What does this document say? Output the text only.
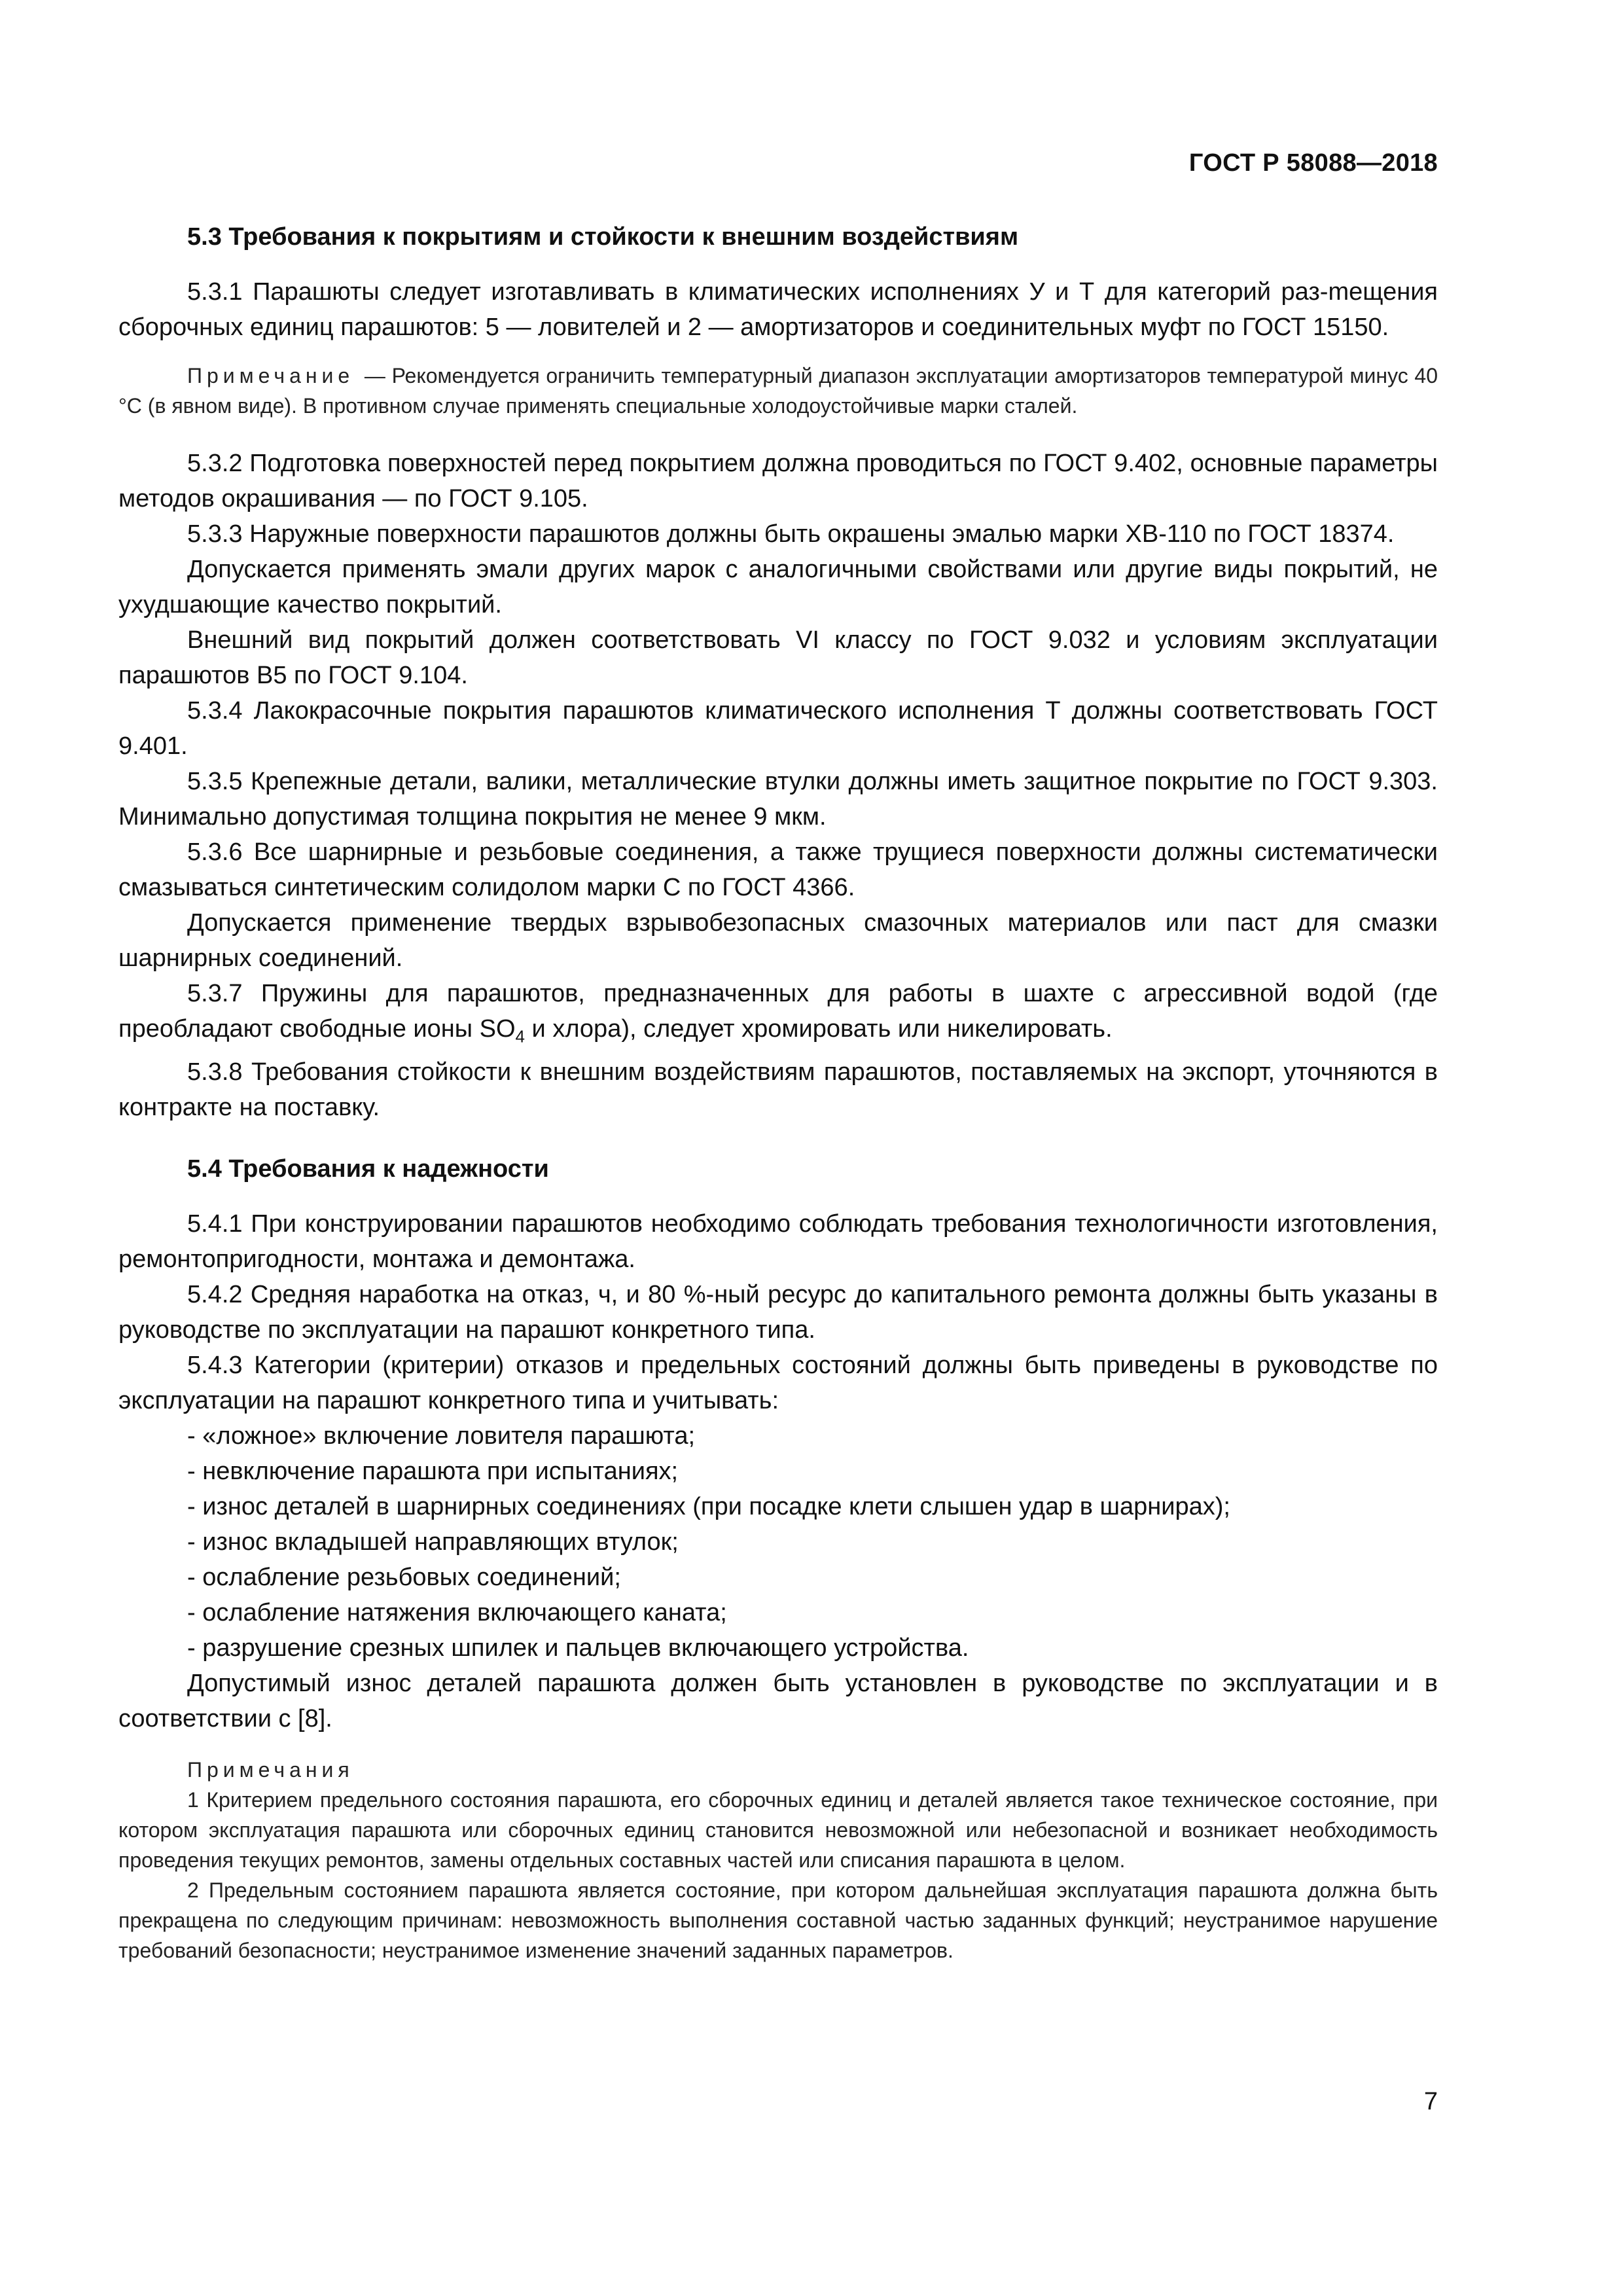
ГОСТ Р 58088—2018
5.3 Требования к покрытиям и стойкости к внешним воздействиям

5.3.1 Парашюты следует изготавливать в климатических исполнениях У и Т для категорий раз-mещения сборочных единиц парашютов: 5 — ловителей и 2 — амортизаторов и соединительных муфт по ГОСТ 15150.

Примечание — Рекомендуется ограничить температурный диапазон эксплуатации амортизаторов температурой минус 40 °С (в явном виде). В противном случае применять специальные холодоустойчивые марки сталей.

5.3.2 Подготовка поверхностей перед покрытием должна проводиться по ГОСТ 9.402, основные параметры методов окрашивания — по ГОСТ 9.105.

5.3.3 Наружные поверхности парашютов должны быть окрашены эмалью марки ХВ-110 по ГОСТ 18374.

Допускается применять эмали других марок с аналогичными свойствами или другие виды покрытий, не ухудшающие качество покрытий.

Внешний вид покрытий должен соответствовать VI классу по ГОСТ 9.032 и условиям эксплуатации парашютов В5 по ГОСТ 9.104.

5.3.4 Лакокрасочные покрытия парашютов климатического исполнения Т должны соответствовать ГОСТ 9.401.

5.3.5 Крепежные детали, валики, металлические втулки должны иметь защитное покрытие по ГОСТ 9.303. Минимально допустимая толщина покрытия не менее 9 мкм.

5.3.6 Все шарнирные и резьбовые соединения, а также трущиеся поверхности должны систематически смазываться синтетическим солидолом марки С по ГОСТ 4366.

Допускается применение твердых взрывобезопасных смазочных материалов или паст для смазки шарнирных соединений.

5.3.7 Пружины для парашютов, предназначенных для работы в шахте с агрессивной водой (где преобладают свободные ионы $SO_4$ и хлора), следует хромировать или никелировать.

5.3.8 Требования стойкости к внешним воздействиям парашютов, поставляемых на экспорт, уточняются в контракте на поставку.

5.4 Требования к надежности

5.4.1 При конструировании парашютов необходимо соблюдать требования технологичности изготовления, ремонтопригодности, монтажа и демонтажа.

5.4.2 Средняя наработка на отказ, ч, и 80 %-ный ресурс до капитального ремонта должны быть указаны в руководстве по эксплуатации на парашют конкретного типа.

5.4.3 Категории (критерии) отказов и предельных состояний должны быть приведены в руководстве по эксплуатации на парашют конкретного типа и учитывать:

- «ложное» включение ловителя парашюта;
- невключение парашюта при испытаниях;
- износ деталей в шарнирных соединениях (при посадке клети слышен удар в шарнирах);
- износ вкладышей направляющих втулок;
- ослабление резьбовых соединений;
- ослабление натяжения включающего каната;
- разрушение срезных шпилек и пальцев включающего устройства.

Допустимый износ деталей парашюта должен быть установлен в руководстве по эксплуатации и в соответствии с [8].

Примечания

1 Критерием предельного состояния парашюта, его сборочных единиц и деталей является такое техническое состояние, при котором эксплуатация парашюта или сборочных единиц становится невозможной или небезопасной и возникает необходимость проведения текущих ремонтов, замены отдельных составных частей или списания парашюта в целом.

2 Предельным состоянием парашюта является состояние, при котором дальнейшая эксплуатация парашюта должна быть прекращена по следующим причинам: невозможность выполнения составной частью заданных функций; неустранимое нарушение требований безопасности; неустранимое изменение значений заданных параметров.

7
